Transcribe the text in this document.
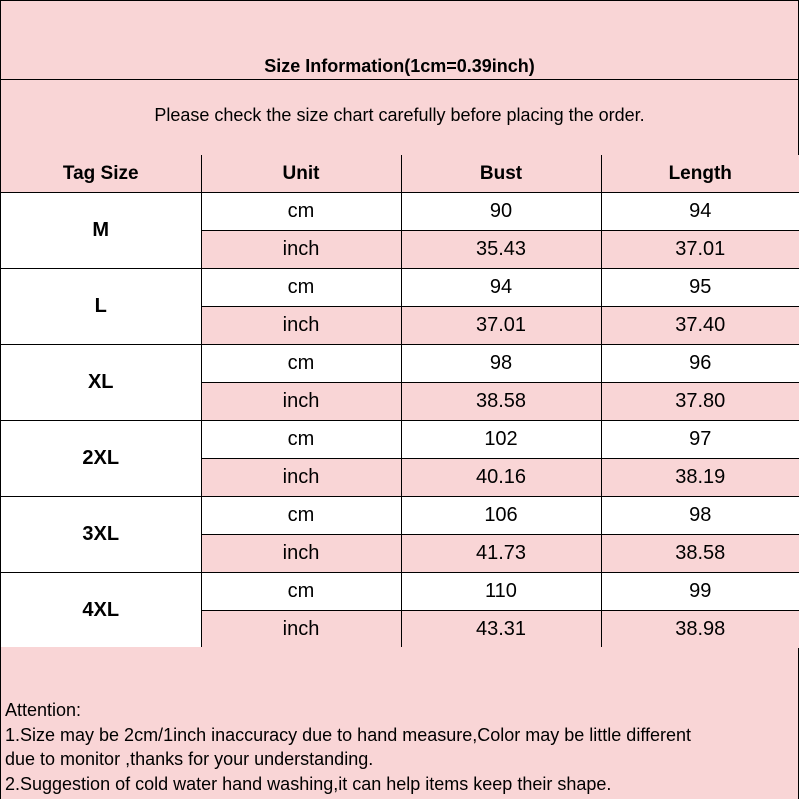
Size Information(1cm=0.39inch)
Please check the size chart carefully before placing the order.
Tag Size	Unit	Bust	Length
M	cm	90	94
	inch	35.43	37.01
L	cm	94	95
	inch	37.01	37.40
XL	cm	98	96
	inch	38.58	37.80
2XL	cm	102	97
	inch	40.16	38.19
3XL	cm	106	98
	inch	41.73	38.58
4XL	cm	110	99
	inch	43.31	38.98
Attention:
1.Size may be 2cm/1inch inaccuracy due to hand measure,Color may be little different
due to monitor ,thanks for your understanding.
2.Suggestion of cold water hand washing,it can help items keep their shape.
